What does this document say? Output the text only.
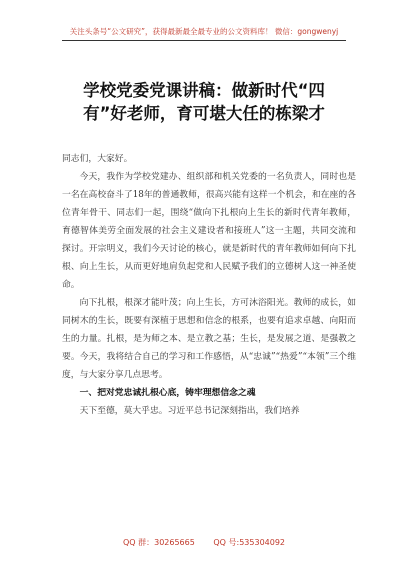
关注头条号“公文研究”，获得最新最全最专业的公文资料库！ 微信：gongwenyj
学校党委党课讲稿：做新时代“四
有”好老师，育可堪大任的栋梁才

同志们，大家好。

今天，我作为学校党建办、组织部和机关党委的一名负责人，同时也是一名在高校奋斗了18年的普通教师，很高兴能有这样一个机会，和在座的各位青年骨干、同志们一起，围绕“做向下扎根向上生长的新时代青年教师，育德智体美劳全面发展的社会主义建设者和接班人”这一主题，共同交流和探讨。开宗明义，我们今天讨论的核心，就是新时代的青年教师如何向下扎根、向上生长，从而更好地肩负起党和人民赋予我们的立德树人这一神圣使命。

向下扎根，根深才能叶茂；向上生长，方可沐浴阳光。教师的成长，如同树木的生长，既要有深植于思想和信念的根系，也要有追求卓越、向阳而生的力量。扎根，是为师之本、是立教之基；生长，是发展之道、是强教之要。今天，我将结合自己的学习和工作感悟，从“忠诚”“热爱”“本领”三个维度，与大家分享几点思考。

一、把对党忠诚扎根心底，铸牢理想信念之魂

天下至德，莫大乎忠。习近平总书记深刻指出，我们培养

QQ 群：30265665 QQ 号:535304092
